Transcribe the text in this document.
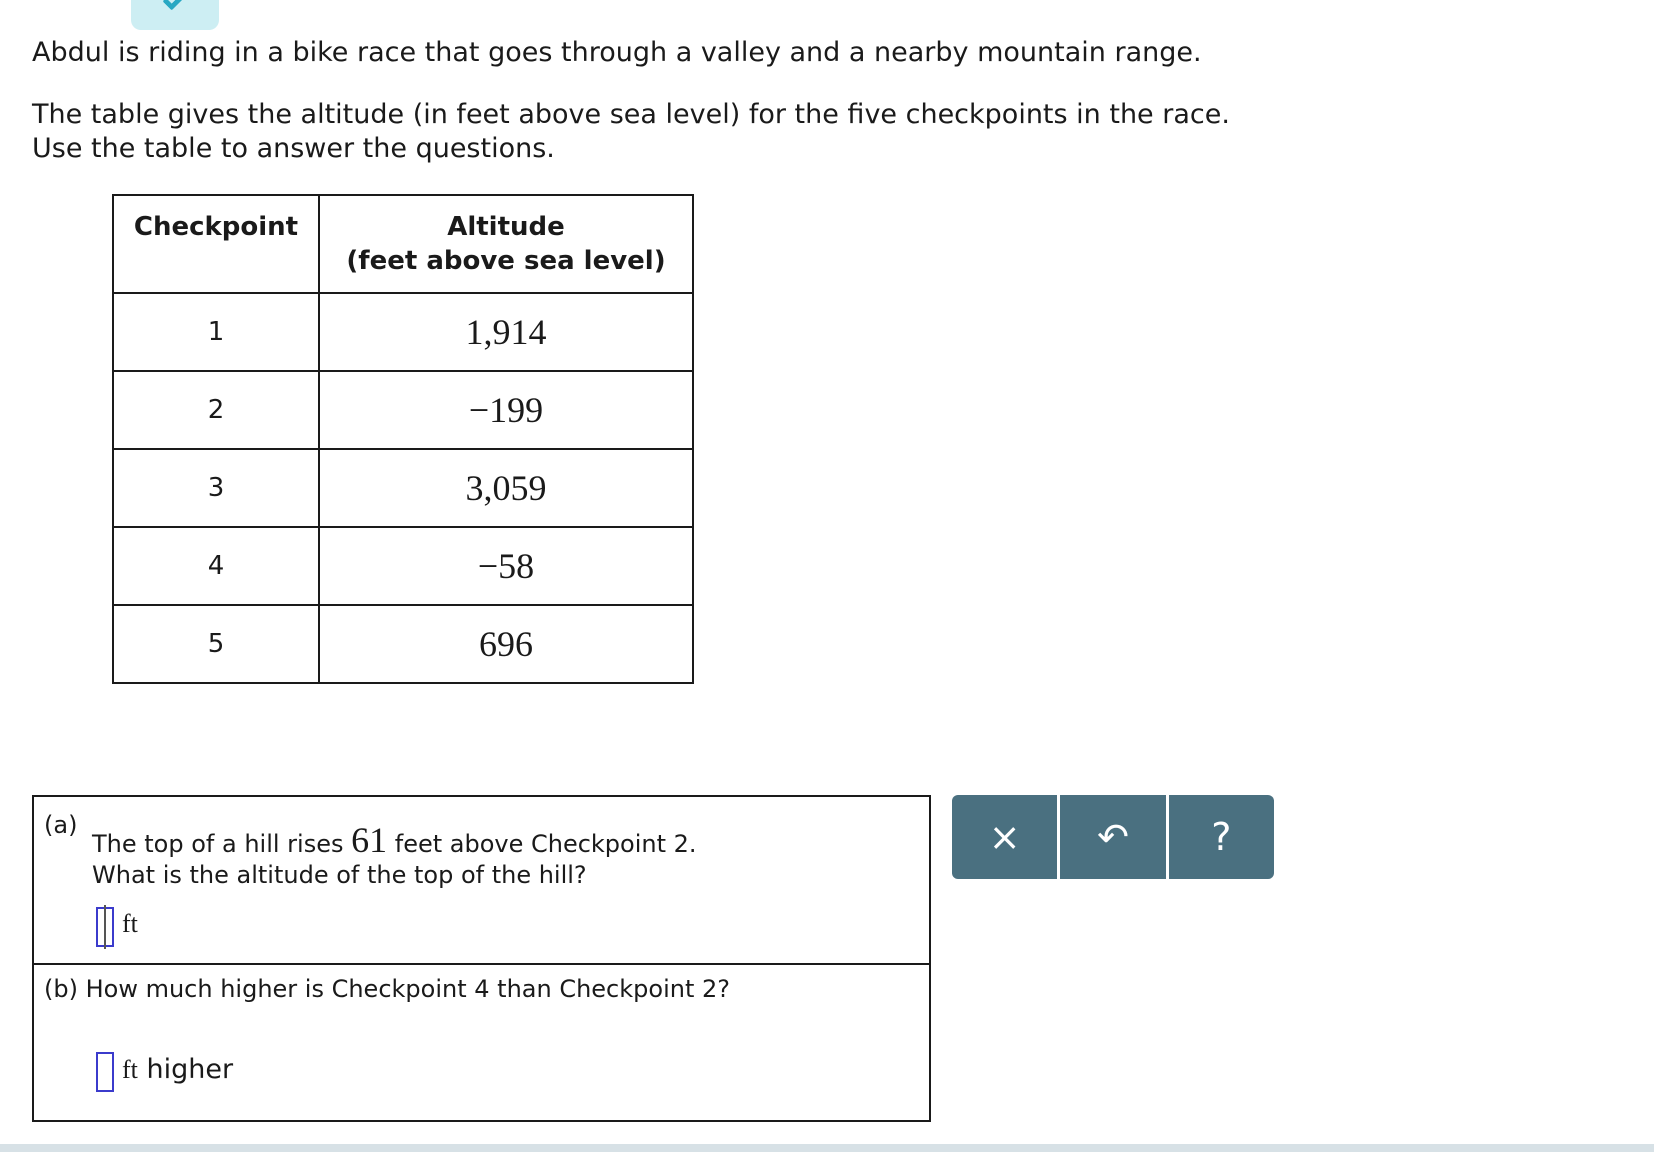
Abdul is riding in a bike race that goes through a valley and a nearby mountain range.

The table gives the altitude (in feet above sea level) for the five checkpoints in the race.

Use the table to answer the questions.

Checkpoint	Altitude
(feet above sea level)
1	1,914
2	−199
3	3,059
4	−58
5	696
(a)
The top of a hill rises 61 feet above Checkpoint 2.
What is the altitude of the top of the hill?
ft
(b) How much higher is Checkpoint 4 than Checkpoint 2?
ft higher
× ↶ ?
